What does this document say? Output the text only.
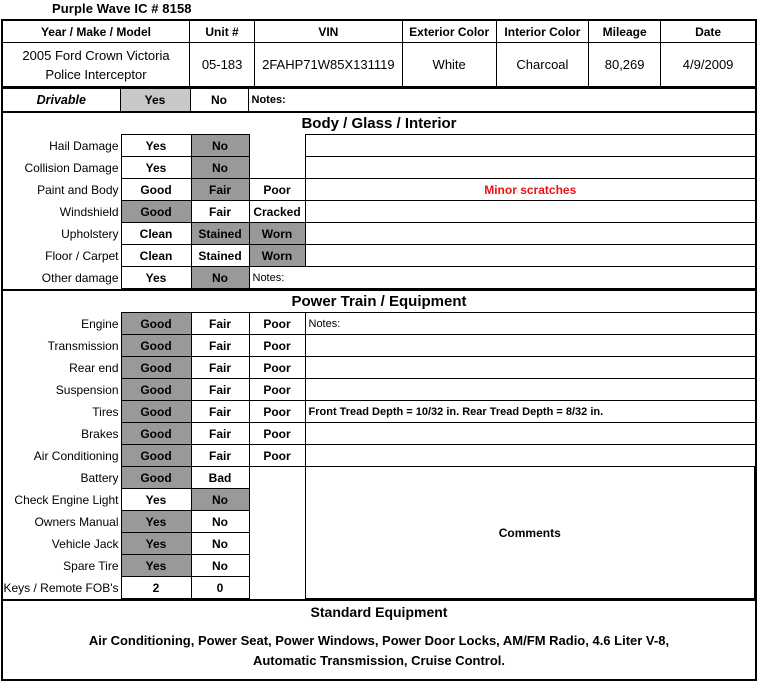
Purple Wave IC # 8158
Year / Make / Model	Unit #	VIN	Exterior Color	Interior Color	Mileage	Date

2005 Ford Crown Victoria
Police Interceptor	05-183	2FAHP71W85X131119	White	Charcoal	80,269	4/9/2009
Drivable	Yes	No	Notes:
Body / Glass / Interior
Hail Damage	Yes	No		
Collision Damage	Yes	No		
Paint and Body	Good	Fair	Poor	Minor scratches
Windshield	Good	Fair	Cracked	
Upholstery	Clean	Stained	Worn	
Floor / Carpet	Clean	Stained	Worn	
Other damage	Yes	No	Notes:	
Power Train / Equipment
Engine	Good	Fair	Poor	Notes:
Transmission	Good	Fair	Poor	
Rear end	Good	Fair	Poor	
Suspension	Good	Fair	Poor	
Tires	Good	Fair	Poor	Front Tread Depth = 10/32 in. Rear Tread Depth = 8/32 in.
Brakes	Good	Fair	Poor	
Air Conditioning	Good	Fair	Poor	
Battery	Good	Bad		Comments
Check Engine Light	Yes	No		
Owners Manual	Yes	No		
Vehicle Jack	Yes	No		
Spare Tire	Yes	No		
Keys / Remote FOB's	2	0		
Standard Equipment
Air Conditioning, Power Seat, Power Windows, Power Door Locks, AM/FM Radio, 4.6 Liter V-8,
Automatic Transmission, Cruise Control.
